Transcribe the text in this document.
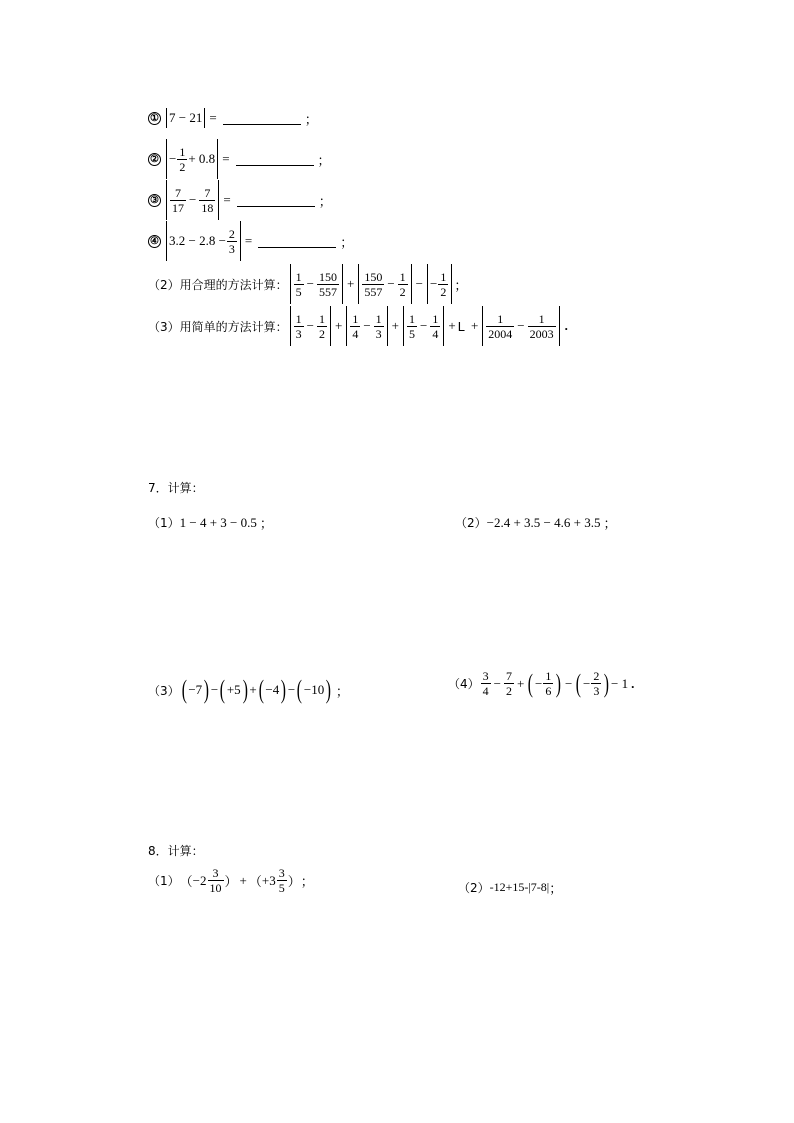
① 7 − 21 =	；
② − $\frac{1}{2} + 0.8$ =	；
③ $\frac{7}{17} - \frac{7}{18}$ =	；
④ $3.2 - 2.8 - \frac{2}{3}$ =	；
（2）用合理的方法计算： $\frac{1}{5} - \frac{150}{557} + \frac{150}{557} - \frac{1}{2}$ − − $\frac{1}{2}$ ；
（3）用简单的方法计算： $\frac{1}{3} - \frac{1}{2} + \frac{1}{4} - \frac{1}{3} + \frac{1}{5} - \frac{1}{4} + L + \frac{1}{2004} - \frac{1}{2003}$ .
7．计算：
（1） 1 − 4 + 3 − 0.5 ；	（2） −2.4 + 3.5 − 4.6 + 3.5 ；
（3） ( −7 ) − ( +5 ) + ( −4 ) − ( −10 ) ；	$(4) \frac{3}{4} - \frac{7}{2}$ + ( − $\frac{1}{6}$ ) − ( − $\frac{2}{3}$ ) − 1 .
8．计算：
（1） （ $-2 \frac{3}{10}$ ） + （ $+3 \frac{3}{5}$ ） ；	（2） -12+15-|7-8| ；
